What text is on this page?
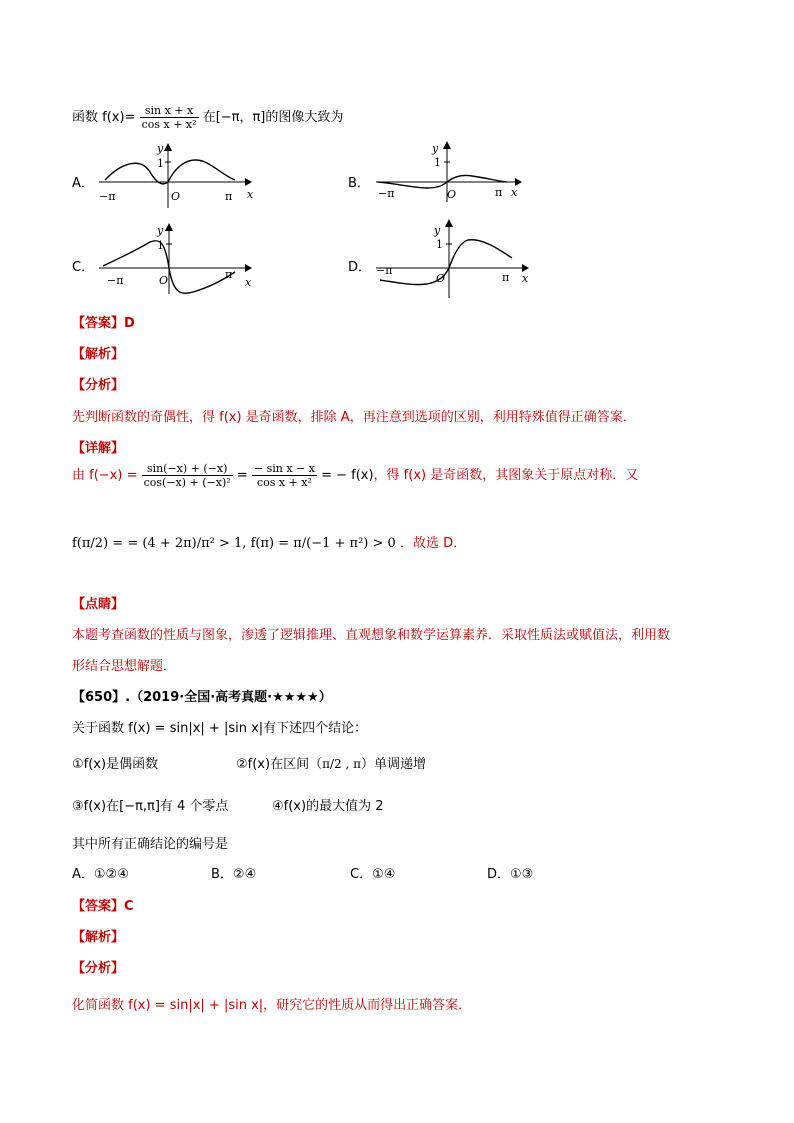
函数 $f(x)= \frac{\text{sin x + x}}{\text{cos x + x²}}$ 在[−π，π]的图像大致为
A．	B．
C．	D．
y
x
1
O
−π	π
y
x
1
O
−π	π
y
x
1
O
−π	π
y
x
1
O
−π
π
【答案】D
【解析】
【分析】
先判断函数的奇偶性，得 f(x) 是奇函数，排除 A，再注意到选项的区别，利用特殊值得正确答案．
【详解】
由 $f(-x) = \frac{\sin(-x) + (-x)}{\text{cos(−x) + (−x)²}} = \frac{\text{− sin x − x}}{\text{cos x + x²}}$ = − f(x)，得 f(x) 是奇函数，其图象关于原点对称．又
f(π/2) = = (4 + 2π)/π² > 1, f(π) = π/(−1 + π²) > 0 ．故选 D．
【点睛】
本题考查函数的性质与图象，渗透了逻辑推理、直观想象和数学运算素养．采取性质法或赋值法，利用数
形结合思想解题．
【650】.（2019·全国·高考真题·★★★★）
关于函数 f(x) = sin|x| + |sin x|有下述四个结论：
①f(x)是偶函数	②f(x)在区间（π/2 , π）单调递增
③f(x)在[−π,π]有 4 个零点	④f(x)的最大值为 2
其中所有正确结论的编号是
A．①②④	B．②④	C．①④	D．①③
【答案】C
【解析】
【分析】
化简函数 f(x) = sin|x| + |sin x|，研究它的性质从而得出正确答案．
